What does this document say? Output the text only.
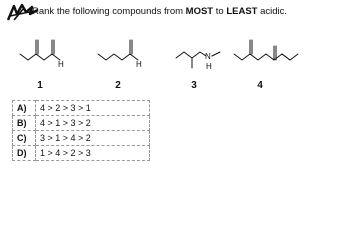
Rank the following compounds from MOST to LEAST acidic.
H	H
N
H
1	2	3	4
A)	4 > 2 > 3 > 1
B)	4 > 1 > 3 > 2
C)	3 > 1 > 4 > 2
D)	1 > 4 > 2 > 3
